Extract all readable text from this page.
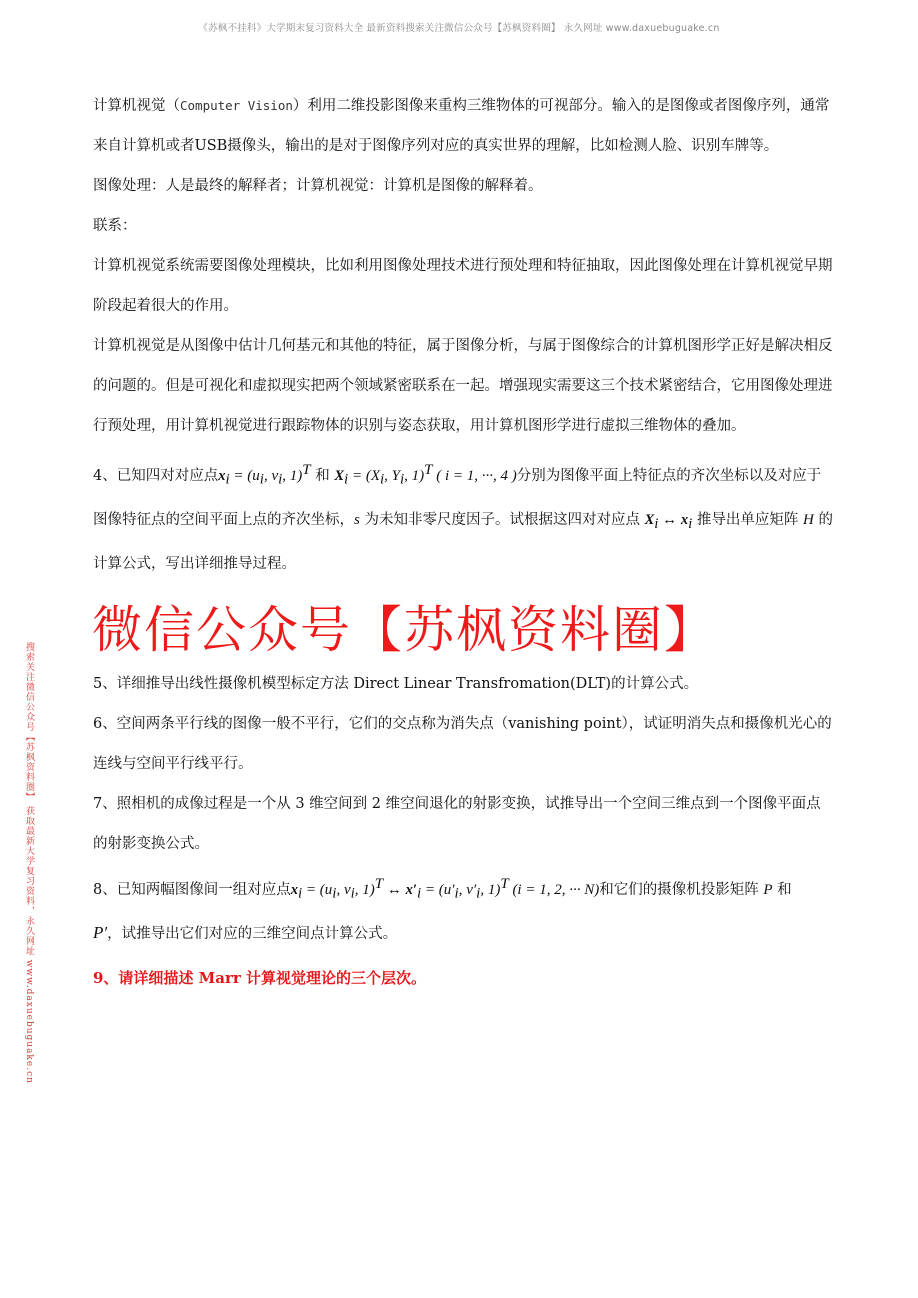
《苏枫不挂科》大学期末复习资料大全 最新资料搜索关注微信公众号【苏枫资料圈】 永久网址 www.daxuebuguake.cn
搜索关注微信公众号【苏枫资料圈】 获取最新大学复习资料，永久网址 www.daxuebuguake.cn

计算机视觉（Computer Vision）利用二维投影图像来重构三维物体的可视部分。输入的是图像或者图像序列，通常来自计算机或者USB摄像头，输出的是对于图像序列对应的真实世界的理解，比如检测人脸、识别车牌等。

图像处理：人是最终的解释者；计算机视觉：计算机是图像的解释着。

联系：

计算机视觉系统需要图像处理模块，比如利用图像处理技术进行预处理和特征抽取，因此图像处理在计算机视觉早期阶段起着很大的作用。

计算机视觉是从图像中估计几何基元和其他的特征，属于图像分析，与属于图像综合的计算机图形学正好是解决相反的问题的。但是可视化和虚拟现实把两个领域紧密联系在一起。增强现实需要这三个技术紧密结合，它用图像处理进行预处理，用计算机视觉进行跟踪物体的识别与姿态获取，用计算机图形学进行虚拟三维物体的叠加。

4、已知四对对应点$x_i = (u_i$, $v_i$, 1)$^T$ 和 $X_i = (X_i$, $Y_i$, 1)$^T$ ( i = 1, ···, 4 )分别为图像平面上特征点的齐次坐标以及对应于图像特征点的空间平面上点的齐次坐标，s 为未知非零尺度因子。试根据这四对对应点 $X_i$ ↔ $x_i$ 推导出单应矩阵 H 的计算公式，写出详细推导过程。

5、详细推导出线性摄像机模型标定方法 Direct Linear Transfromation(DLT)的计算公式。

6、空间两条平行线的图像一般不平行，它们的交点称为消失点（vanishing point），试证明消失点和摄像机光心的连线与空间平行线平行。

7、照相机的成像过程是一个从 3 维空间到 2 维空间退化的射影变换，试推导出一个空间三维点到一个图像平面点的射影变换公式。

8、已知两幅图像间一组对应点$x_i = (u_i$, $v_i$, 1)$^T$ ↔ $x'_i = (u'_i$, $v'_i$, 1)$^T$ (i = 1, 2, ··· N)和它们的摄像机投影矩阵 P 和
P′，试推导出它们对应的三维空间点计算公式。

9、请详细描述 Marr 计算视觉理论的三个层次。

微信公众号【苏枫资料圈】
